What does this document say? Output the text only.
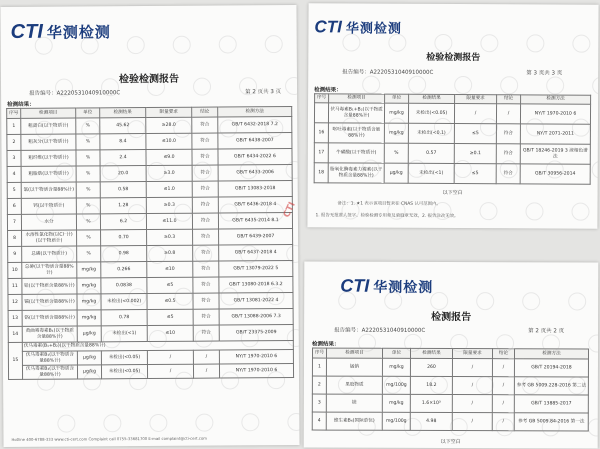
CTI 华测检测
检验检测报告
报告编号：A2220531040910000C	第 2 页共 3 页
检测结果：
序号	检测项目	单位	检测结果	限量要求	结论	检测方法
1	粗蛋白(以干物质计)	%	45.62	≥28.0	符合	GB/T 6432-2018 7.2
2	粗灰分(以干物质计)	%	8.4	≤10.0	符合	GB/T 6438-2007
3	粗纤维(以干物质计)	%	2.4	≤9.0	符合	GB/T 6434-2022 6
4	粗脂肪(以干物质计)	%	20.0	≥3.0	符合	GB/T 6433-2006
5	氯(以干物质含量88%计)	%	0.58	≤1.0	符合	GB/T 13083-2018
6	钙(以干物质计)	%	1.28	≥0.3	符合	GB/T 6436-2018 4
7	水分	%	6.2	≤11.0	符合	GB/T 6435-2014 8.1
8	水溶性氯化物(以Cl⁻计)(以干物质计)	%	0.70	≥0.3	符合	GB/T 6439-2007
9	总磷(以干物质计)	%	0.98	≥0.8	符合	GB/T 6437-2018 4
10	总砷(以干物质含量88%计)	mg/kg	0.266	≤10	符合	GB/T 13079-2022 5
11	铅(以干物质含量88%计)	mg/kg	0.0838	≤5	符合	GB/T 13080-2018 6.3.2
12	镉(以干物质含量88%计)	mg/kg	未检出(<0.002)	≤0.5	符合	GB/T 13081-2022 4
13	铬(以干物质含量88%计)	mg/kg	0.78	≤5	符合	GB/T 13088-2006 7.3
14	黄曲霉毒素B₁(以干物质含量88%计)	μg/kg	未检出(<1)	≤10	符合	GB/T 23375-2009
15	伏马毒素(B₁+B₂)(以干物质含量88%计)					
	伏马毒素B₁(以干物质含量88%计)	μg/kg	未检出(<0.05)	/	/	NY/T 1970-2010 6
	伏马毒素B₂(以干物质含量88%计)	μg/kg	未检出(<0.05)	/	/	NY/T 1970-2010 6
Hotline 400-6788-333 www.cti-cert.com Complaint call 0755-33681700 E-mail complaint@cti-cert.com
CTI
CTI 华测检测
检验检测报告
报告编号：A2220531040910000C	第 3 页共 3 页
检测结果：
序号	检测项目	单位	检测结果	限量要求	结论	检测方法
	伏马毒素B₁+B₂(以干物质含量88%计)	mg/kg	未检出(<0.05)	/	/	NY/T 1970-2010 6
16	呕吐毒素(以干物质含量88%计)	mg/kg	未检出(<0.1)	≤5	符合	NY/T 2071-2011
17	牛磺酸(以干物质计)	%	0.57	≥0.1	符合	GB/T 18246-2019 3 液相色谱法
18	脂氧化酶毒素力霉素(以干物质含量88%计)	μg/kg	未检出(<1)	≤5	符合	GB/T 30956-2014
以下空白
备注：1. ★1 表示该项目暂未在 CNAS 认可范围内。
1. 报告无批准人签字、检验检测专用章及骑缝章无效。2. 报告涂改无效。
CTI 华测检测
检测报告
报告编号：A2220531040910000C	第 2 页共 2 页
检测结果：
序号	检测项目	单位	检测结果	限量要求	结论	检测方法
1	锰钠	mg/kg	260	/	/	GB/T 20194-2018
2	果胶物质	mg/100g	18.2	/	/	参考 GB 5009.228-2016 第二法
3	镁	mg/kg	1.6×10³	/	/	GB/T 13885-2017
4	维生素B₆(国际单位)	mg/100g	4.98	/	/	参考 GB 5009.84-2016 第一法
以下空白
